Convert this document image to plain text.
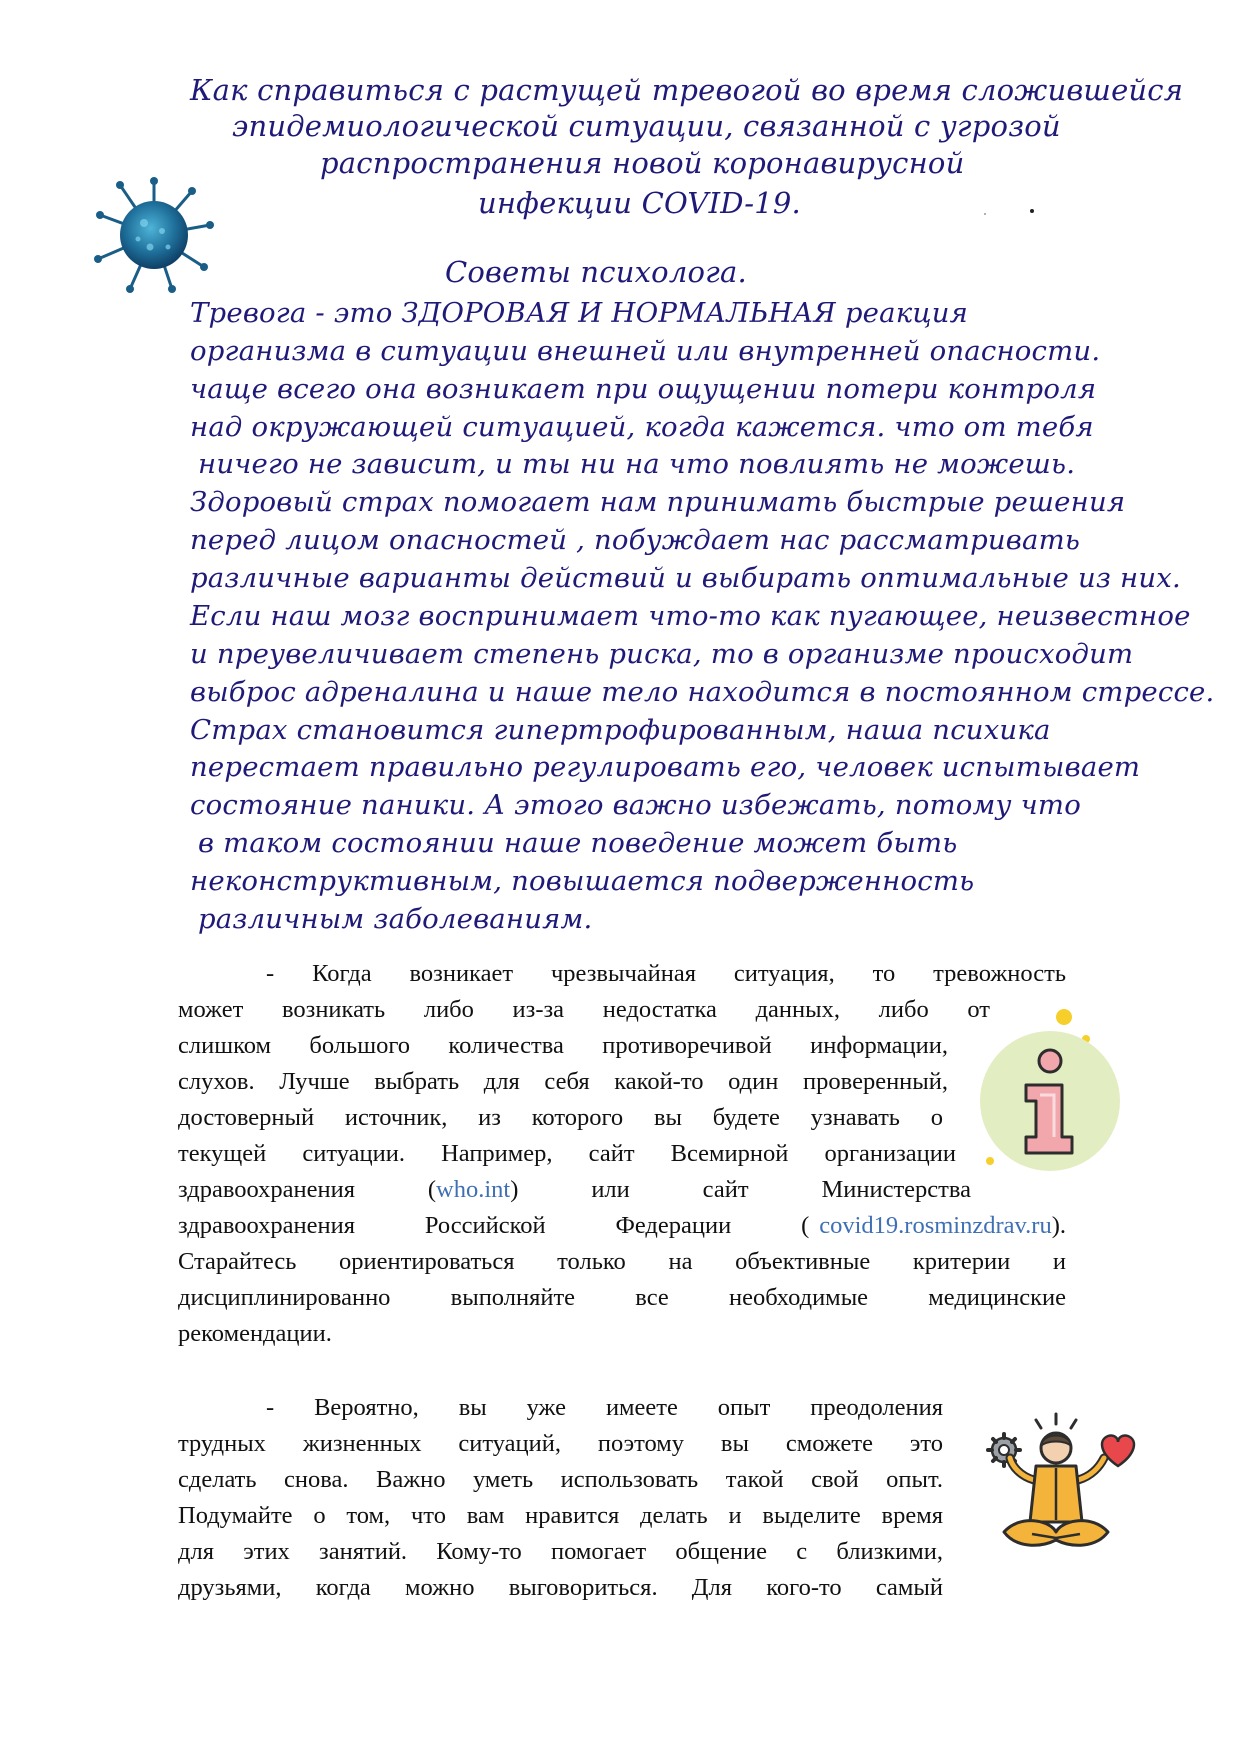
Как справиться с растущей тревогой во время сложившейся
эпидемиологической ситуации, связанной с угрозой
распространения новой коронавирусной
инфекции COVID-19.
Советы психолога.
Тревога - это ЗДОРОВАЯ И НОРМАЛЬНАЯ реакция
организма в ситуации внешней или внутренней опасности.
чаще всего она возникает при ощущении потери контроля
над окружающей ситуацией, когда кажется. что от тебя
ничего не зависит, и ты ни на что повлиять не можешь.
Здоровый страх помогает нам принимать быстрые решения
перед лицом опасностей , побуждает нас рассматривать
различные варианты действий и выбирать оптимальные из них.
Если наш мозг воспринимает что-то как пугающее, неизвестное
и преувеличивает степень риска, то в организме происходит
выброс адреналина и наше тело находится в постоянном стрессе.
Страх становится гипертрофированным, наша психика
перестает правильно регулировать его, человек испытывает
состояние паники. А этого важно избежать, потому что
в таком состоянии наше поведение может быть
неконструктивным, повышается подверженность
различным заболеваниям.
- Когда возникает чрезвычайная ситуация, то тревожность
может возникать либо из-за недостатка данных, либо от
слишком большого количества противоречивой информации,
слухов. Лучше выбрать для себя какой-то один проверенный,
достоверный источник, из которого вы будете узнавать о
текущей ситуации. Например, сайт Всемирной организации
здравоохранения	(who.int)	или	сайт	Министерства
здравоохранения	Российской	Федерации	( covid19.rosminzdrav.ru).
Старайтесь ориентироваться только на объективные критерии и
дисциплинированно выполняйте все необходимые медицинские
рекомендации.
- Вероятно, вы уже имеете опыт преодоления
трудных жизненных ситуаций, поэтому вы сможете это
сделать снова. Важно уметь использовать такой свой опыт.
Подумайте о том, что вам нравится делать и выделите время
для этих занятий. Кому-то помогает общение с близкими,
друзьями, когда можно выговориться. Для кого-то самый
